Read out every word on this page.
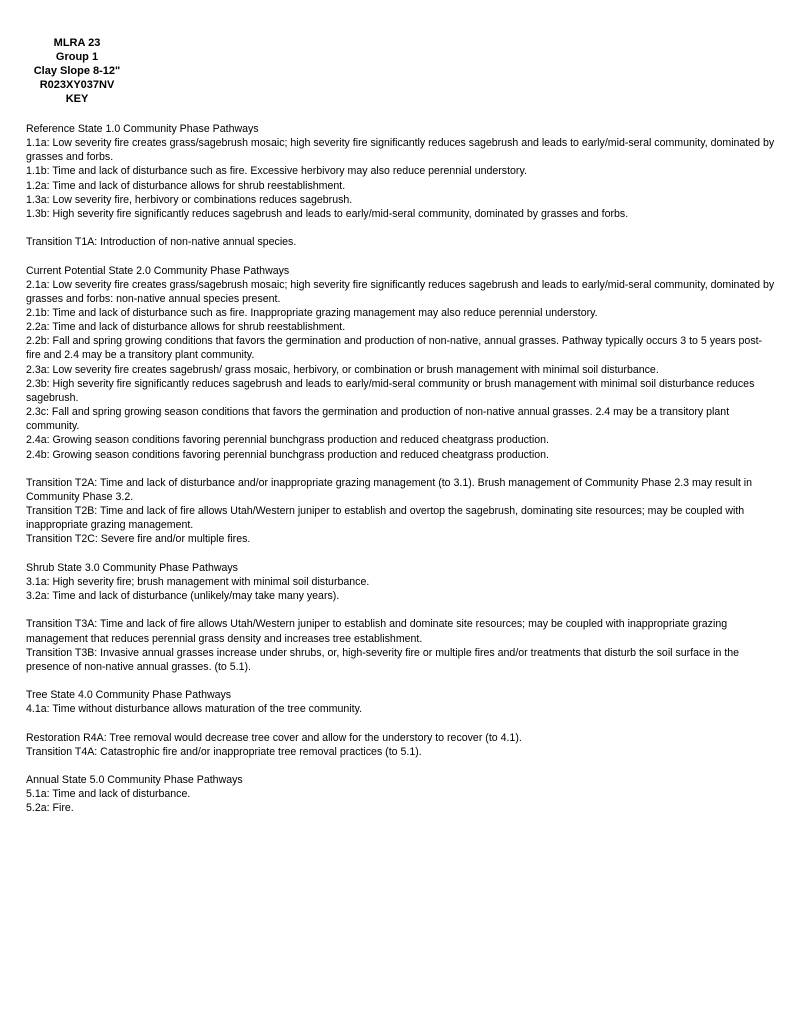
MLRA 23
Group 1
Clay Slope 8-12"
R023XY037NV
KEY
Reference State 1.0 Community Phase Pathways
1.1a: Low severity fire creates grass/sagebrush mosaic; high severity fire significantly reduces sagebrush and leads to early/mid-seral community, dominated by grasses and forbs.
1.1b: Time and lack of disturbance such as fire. Excessive herbivory may also reduce perennial understory.
1.2a: Time and lack of disturbance allows for shrub reestablishment.
1.3a: Low severity fire, herbivory or combinations reduces sagebrush.
1.3b: High severity fire significantly reduces sagebrush and leads to early/mid-seral community, dominated by grasses and forbs.
Transition T1A: Introduction of non-native annual species.
Current Potential State 2.0 Community Phase Pathways
2.1a: Low severity fire creates grass/sagebrush mosaic; high severity fire significantly reduces sagebrush and leads to early/mid-seral community, dominated by grasses and forbs: non-native annual species present.
2.1b: Time and lack of disturbance such as fire. Inappropriate grazing management may also reduce perennial understory.
2.2a: Time and lack of disturbance allows for shrub reestablishment.
2.2b: Fall and spring growing conditions that favors the germination and production of non-native, annual grasses. Pathway typically occurs 3 to 5 years post-fire and 2.4 may be a transitory plant community.
2.3a: Low severity fire creates sagebrush/ grass mosaic, herbivory, or combination or brush management with minimal soil disturbance.
2.3b: High severity fire significantly reduces sagebrush and leads to early/mid-seral community or brush management with minimal soil disturbance reduces sagebrush.
2.3c: Fall and spring growing season conditions that favors the germination and production of non-native annual grasses. 2.4 may be a transitory plant community.
2.4a: Growing season conditions favoring perennial bunchgrass production and reduced cheatgrass production.
2.4b: Growing season conditions favoring perennial bunchgrass production and reduced cheatgrass production.
Transition T2A: Time and lack of disturbance and/or inappropriate grazing management (to 3.1). Brush management of Community Phase 2.3 may result in Community Phase 3.2.
Transition T2B: Time and lack of fire allows Utah/Western juniper to establish and overtop the sagebrush, dominating site resources; may be coupled with inappropriate grazing management.
Transition T2C: Severe fire and/or multiple fires.
Shrub State 3.0 Community Phase Pathways
3.1a: High severity fire; brush management with minimal soil disturbance.
3.2a: Time and lack of disturbance (unlikely/may take many years).
Transition T3A: Time and lack of fire allows Utah/Western juniper to establish and dominate site resources; may be coupled with inappropriate grazing management that reduces perennial grass density and increases tree establishment.
Transition T3B: Invasive annual grasses increase under shrubs, or, high-severity fire or multiple fires and/or treatments that disturb the soil surface in the presence of non-native annual grasses. (to 5.1).
Tree State 4.0 Community Phase Pathways
4.1a: Time without disturbance allows maturation of the tree community.
Restoration R4A: Tree removal would decrease tree cover and allow for the understory to recover (to 4.1).
Transition T4A: Catastrophic fire and/or inappropriate tree removal practices (to 5.1).
Annual State 5.0 Community Phase Pathways
5.1a: Time and lack of disturbance.
5.2a: Fire.
